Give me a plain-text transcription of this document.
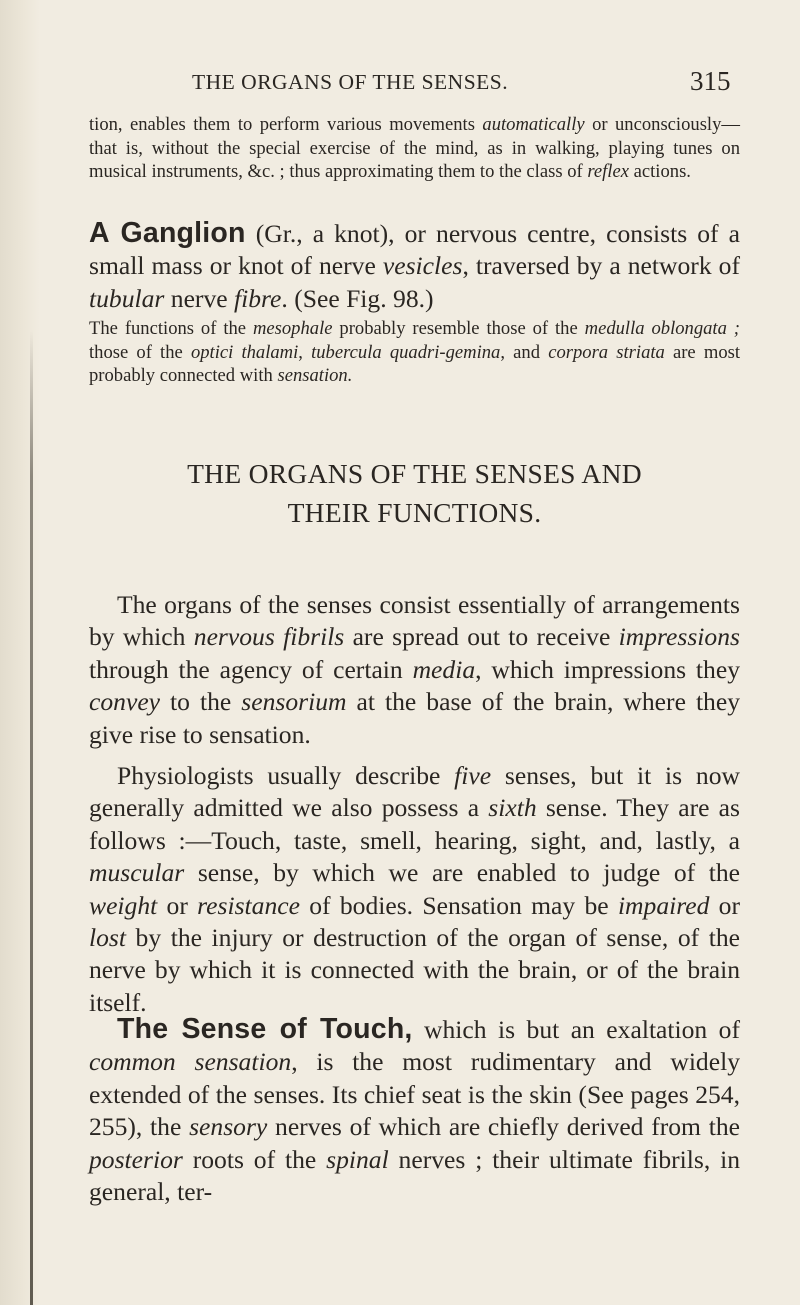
THE ORGANS OF THE SENSES.	315
tion, enables them to perform various movements automatically or unconsciously—that is, without the special exercise of the mind, as in walking, playing tunes on musical instruments, &c. ; thus approximating them to the class of reflex actions.
A Ganglion (Gr., a knot), or nervous centre, consists of a small mass or knot of nerve vesicles, traversed by a network of tubular nerve fibre. (See Fig. 98.)
The functions of the mesophale probably resemble those of the medulla oblongata ; those of the optici thalami, tubercula quadri-gemina, and corpora striata are most probably connected with sensation.
THE ORGANS OF THE SENSES AND
THEIR FUNCTIONS.
The organs of the senses consist essentially of arrangements by which nervous fibrils are spread out to receive impressions through the agency of certain media, which impressions they convey to the sensorium at the base of the brain, where they give rise to sensation.
Physiologists usually describe five senses, but it is now generally admitted we also possess a sixth sense. They are as follows :—Touch, taste, smell, hearing, sight, and, lastly, a muscular sense, by which we are enabled to judge of the weight or resistance of bodies. Sensation may be impaired or lost by the injury or destruction of the organ of sense, of the nerve by which it is connected with the brain, or of the brain itself.
The Sense of Touch, which is but an exaltation of common sensation, is the most rudimentary and widely extended of the senses. Its chief seat is the skin (See pages 254, 255), the sensory nerves of which are chiefly derived from the posterior roots of the spinal nerves ; their ultimate fibrils, in general, ter-
